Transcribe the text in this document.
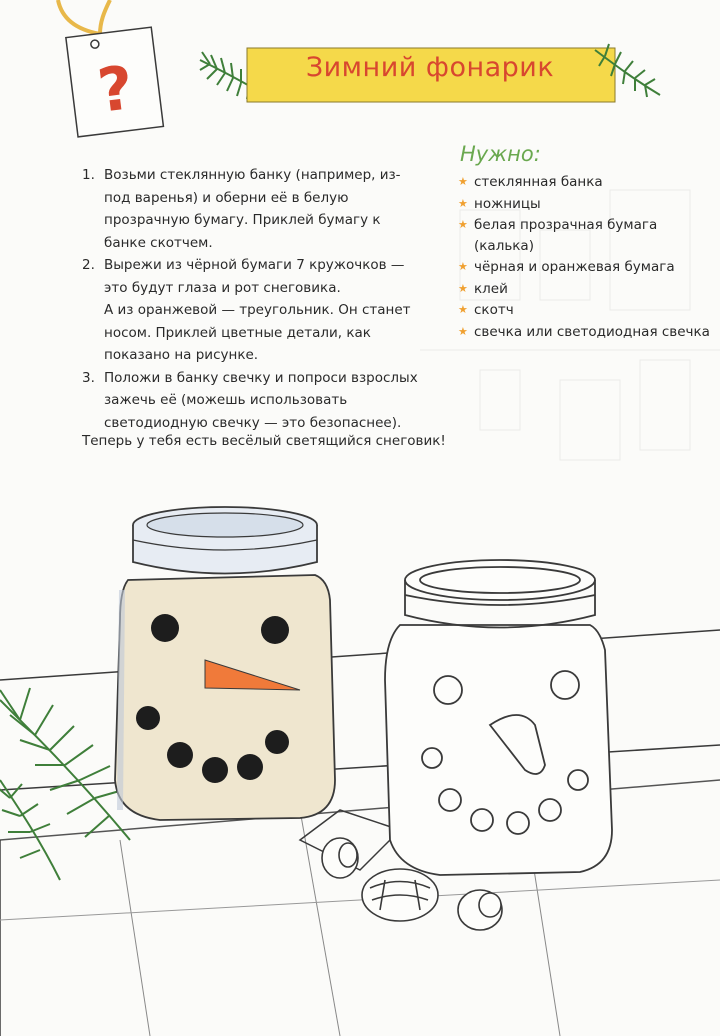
?	Зимний фонарик
Нужно:
★ стеклянная банка
★ ножницы
★ белая прозрачная бумага (калька)
★ чёрная и оранжевая бумага
★ клей
★ скотч
★ свечка или светодиодная свечка
1. Возьми стеклянную банку (например, из-под варенья) и оберни её в белую прозрачную бумагу. Приклей бумагу к банке скотчем.

2. Вырежи из чёрной бумаги 7 кружочков — это будут глаза и рот снеговика.

А из оранжевой — треугольник. Он станет носом. Приклей цветные детали, как показано на рисунке.

3. Положи в банку свечку и попроси взрослых зажечь её (можешь использовать светодиодную свечку — это безопаснее).

Теперь у тебя есть весёлый светящийся снеговик!
